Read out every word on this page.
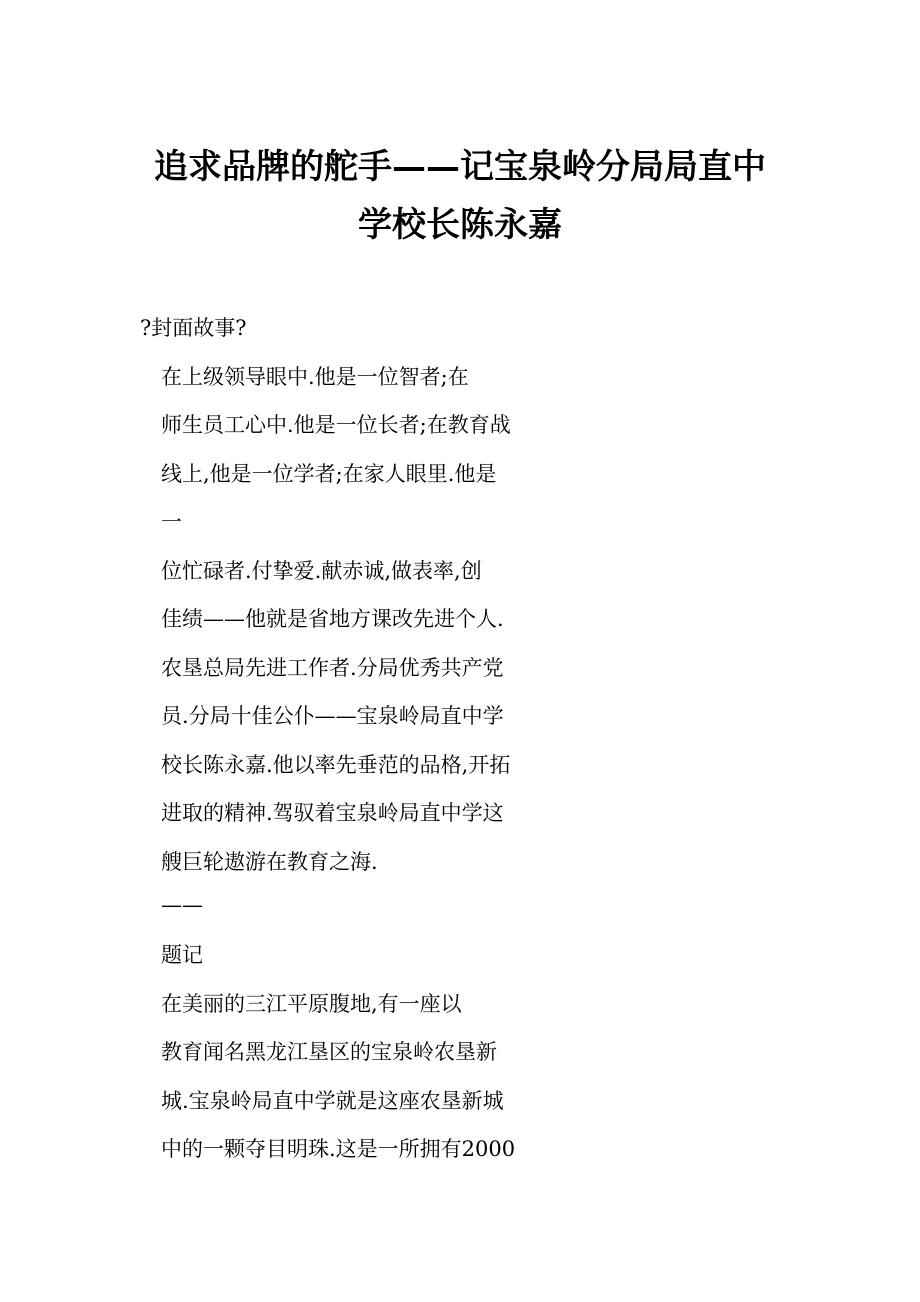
追求品牌的舵手——记宝泉岭分局局直中
学校长陈永嘉
?封面故事?
在上级领导眼中.他是一位智者;在
师生员工心中.他是一位长者;在教育战
线上,他是一位学者;在家人眼里.他是
一
位忙碌者.付挚爱.献赤诚,做表率,创
佳绩——他就是省地方课改先进个人.
农垦总局先进工作者.分局优秀共产党
员.分局十佳公仆——宝泉岭局直中学
校长陈永嘉.他以率先垂范的品格,开拓
进取的精神.驾驭着宝泉岭局直中学这
艘巨轮遨游在教育之海.
——
题记
在美丽的三江平原腹地,有一座以
教育闻名黑龙江垦区的宝泉岭农垦新
城.宝泉岭局直中学就是这座农垦新城
中的一颗夺目明珠.这是一所拥有2000
